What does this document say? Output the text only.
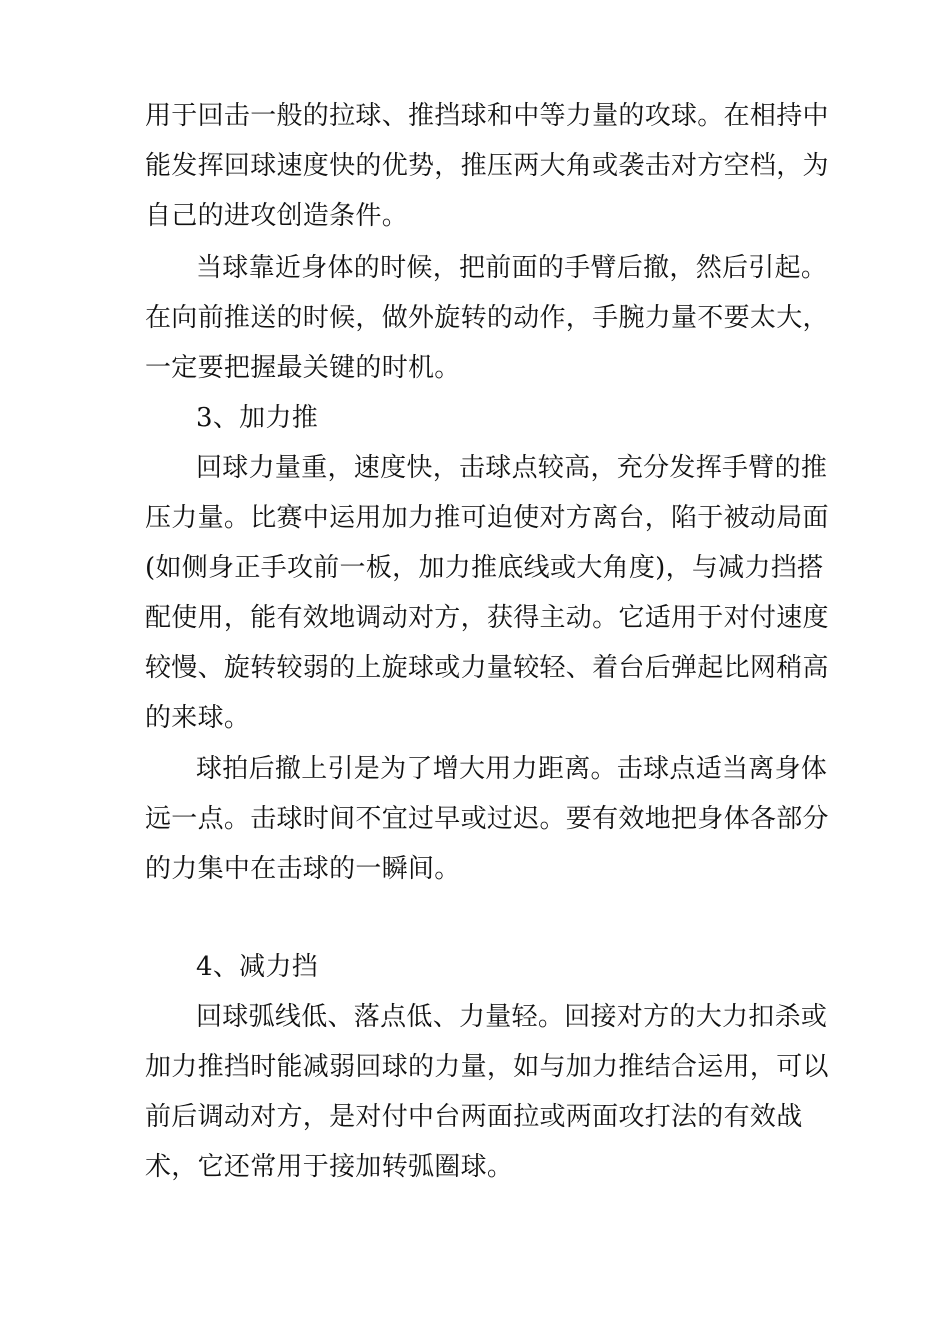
用于回击一般的拉球、推挡球和中等力量的攻球。在相持中
能发挥回球速度快的优势，推压两大角或袭击对方空档，为
自己的进攻创造条件。
当球靠近身体的时候，把前面的手臂后撤，然后引起。
在向前推送的时候，做外旋转的动作，手腕力量不要太大，
一定要把握最关键的时机。
3、加力推
回球力量重，速度快，击球点较高，充分发挥手臂的推
压力量。比赛中运用加力推可迫使对方离台，陷于被动局面
(如侧身正手攻前一板，加力推底线或大角度)，与减力挡搭
配使用，能有效地调动对方，获得主动。它适用于对付速度
较慢、旋转较弱的上旋球或力量较轻、着台后弹起比网稍高
的来球。
球拍后撤上引是为了增大用力距离。击球点适当离身体
远一点。击球时间不宜过早或过迟。要有效地把身体各部分
的力集中在击球的一瞬间。
4、减力挡
回球弧线低、落点低、力量轻。回接对方的大力扣杀或
加力推挡时能减弱回球的力量，如与加力推结合运用，可以
前后调动对方，是对付中台两面拉或两面攻打法的有效战
术，它还常用于接加转弧圈球。
